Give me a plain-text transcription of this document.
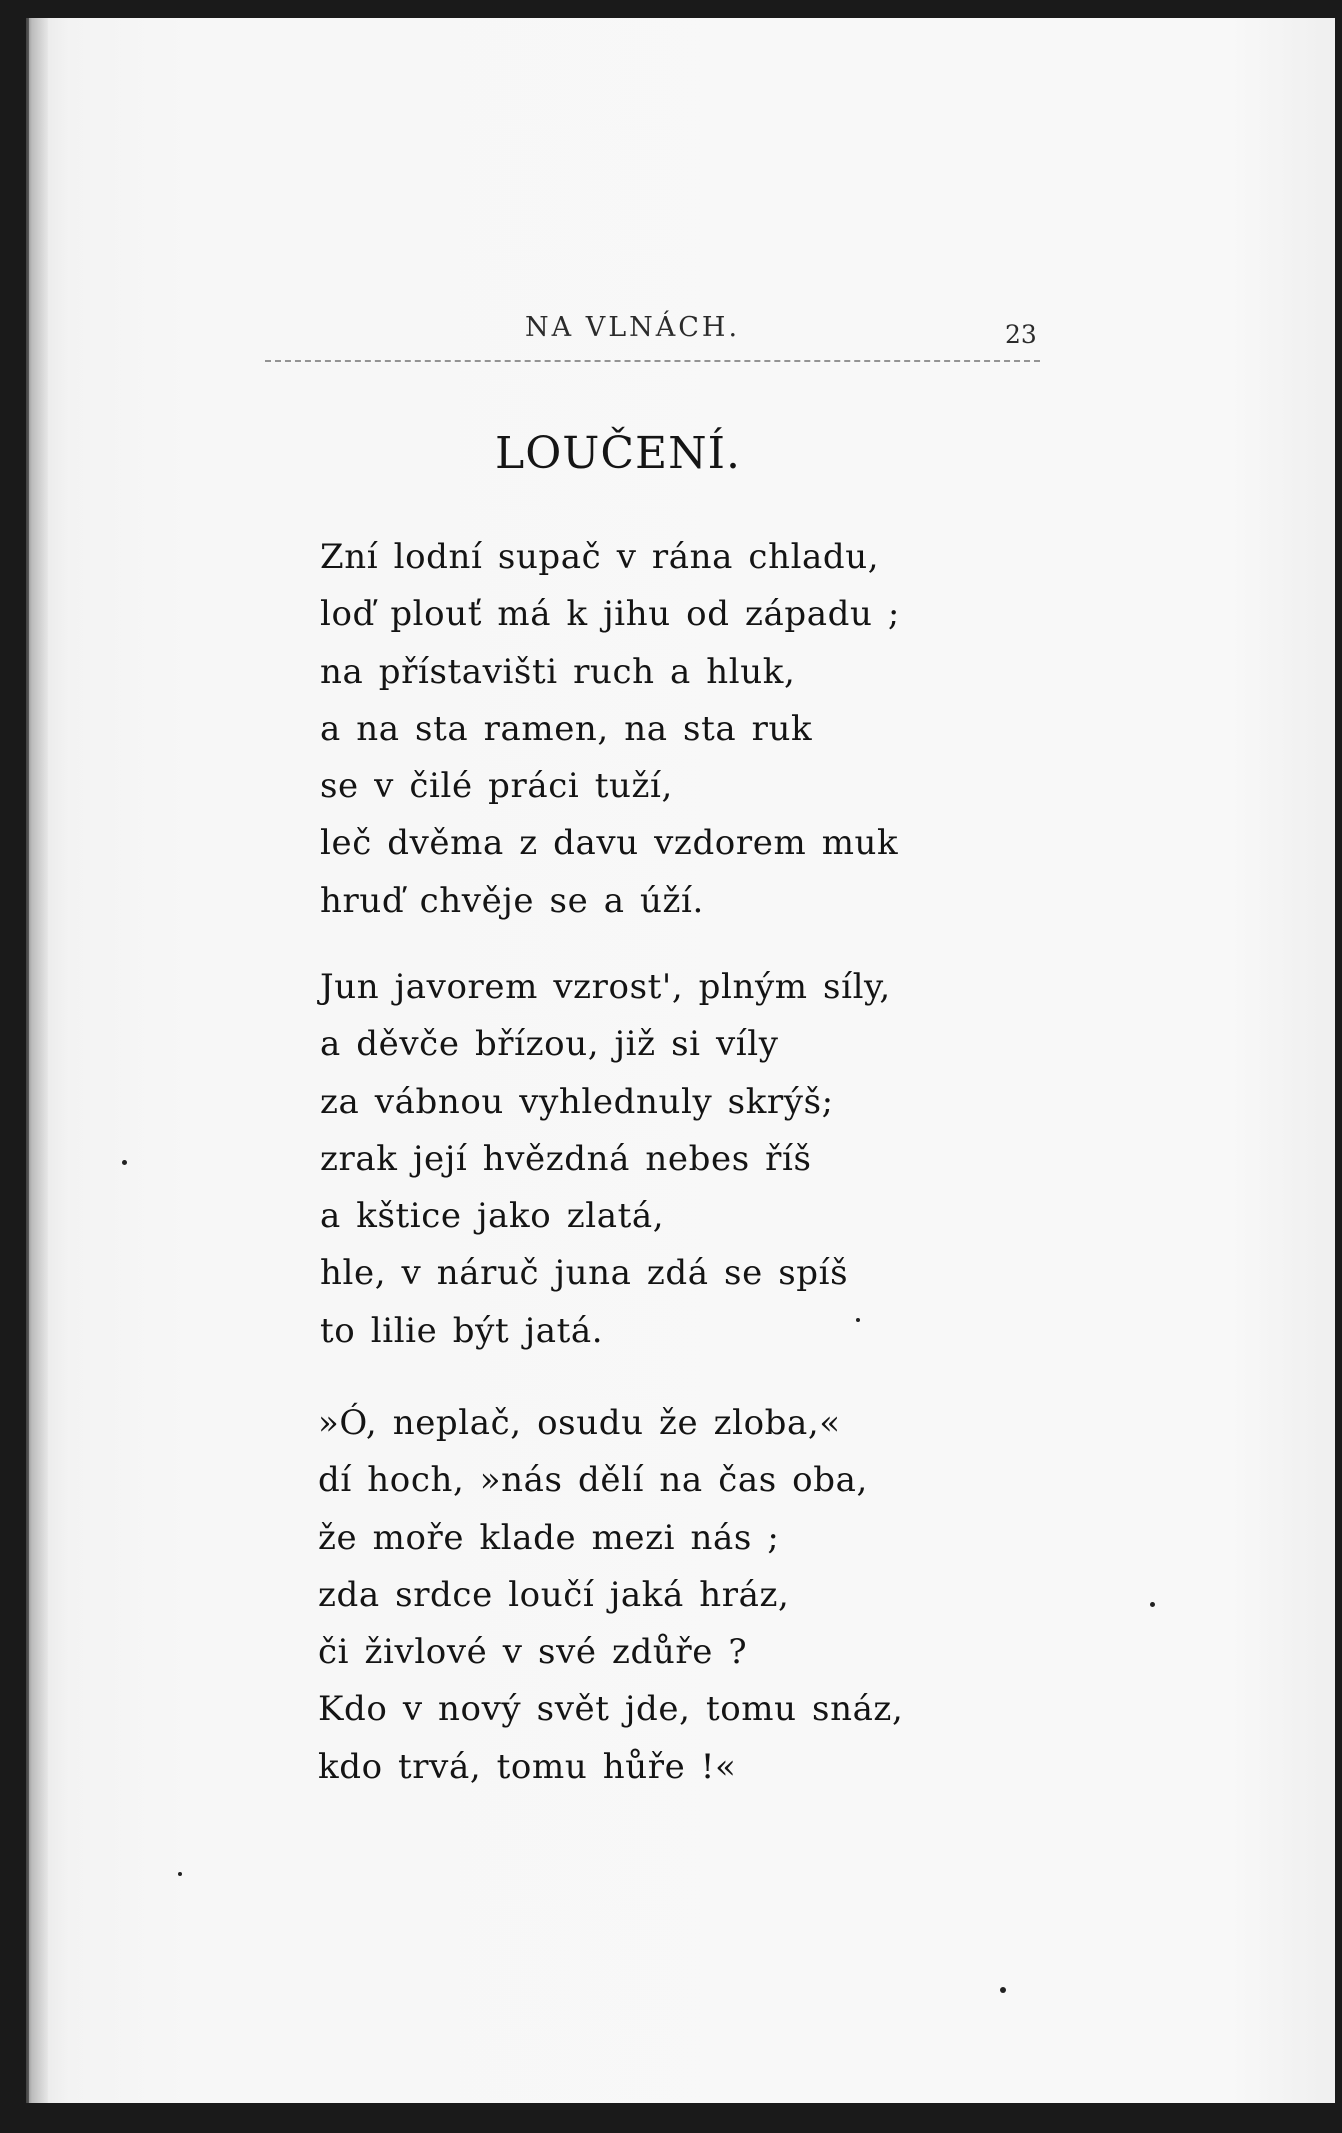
NA VLNÁCH.	23
LOUČENÍ.
Zní lodní supač v rána chladu,
loď plouť má k jihu od západu ;
na přístavišti ruch a hluk,
a na sta ramen, na sta ruk
se v čilé práci tuží,
leč dvěma z davu vzdorem muk
hruď chvěje se a úží.
Jun javorem vzrost', plným síly,
a děvče břízou, již si víly
za vábnou vyhlednuly skrýš;
zrak její hvězdná nebes říš
a kštice jako zlatá,
hle, v náruč juna zdá se spíš
to lilie být jatá.
»Ó, neplač, osudu že zloba,«
dí hoch, »nás dělí na čas oba,
že moře klade mezi nás ;
zda srdce loučí jaká hráz,
či živlové v své zdůře ?
Kdo v nový svět jde, tomu snáz,
kdo trvá, tomu hůře !«
